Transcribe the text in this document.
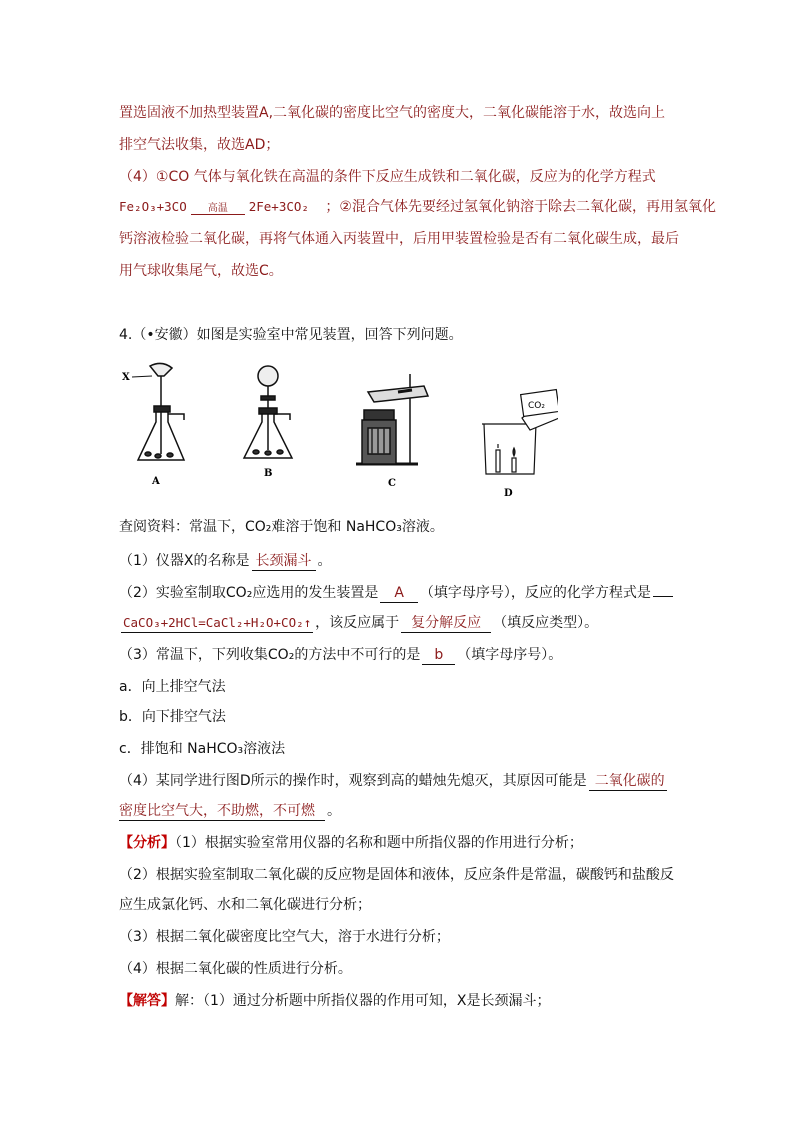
置选固液不加热型装置A,二氧化碳的密度比空气的密度大，二氧化碳能溶于水，故选向上
排空气法收集，故选AD；
（4）①CO 气体与氧化铁在高温的条件下反应生成铁和二氧化碳，反应为的化学方程式
Fe₂O₃+3CO 高温 2Fe+3CO₂ ；②混合气体先要经过氢氧化钠溶于除去二氧化碳，再用氢氧化
钙溶液检验二氧化碳，再将气体通入丙装置中，后用甲装置检验是否有二氧化碳生成，最后
用气球收集尾气，故选C。
4.（•安徽）如图是实验室中常见装置，回答下列问题。
X
A
B
C
CO₂
D
查阅资料：常温下，CO₂难溶于饱和 NaHCO₃溶液。
（1）仪器X的名称是 长颈漏斗 。
（2）实验室制取CO₂应选用的发生装置是 A （填字母序号），反应的化学方程式是
CaCO₃+2HCl=CaCl₂+H₂O+CO₂↑ ，该反应属于 复分解反应 （填反应类型）。
（3）常温下，下列收集CO₂的方法中不可行的是 b （填字母序号）。
a．向上排空气法
b．向下排空气法
c．排饱和 NaHCO₃溶液法
（4）某同学进行图D所示的操作时，观察到高的蜡烛先熄灭，其原因可能是 二氧化碳的
密度比空气大，不助燃，不可燃 。
【分析】（1）根据实验室常用仪器的名称和题中所指仪器的作用进行分析；
（2）根据实验室制取二氧化碳的反应物是固体和液体，反应条件是常温，碳酸钙和盐酸反
应生成氯化钙、水和二氧化碳进行分析；
（3）根据二氧化碳密度比空气大，溶于水进行分析；
（4）根据二氧化碳的性质进行分析。
【解答】解：（1）通过分析题中所指仪器的作用可知，X是长颈漏斗；
